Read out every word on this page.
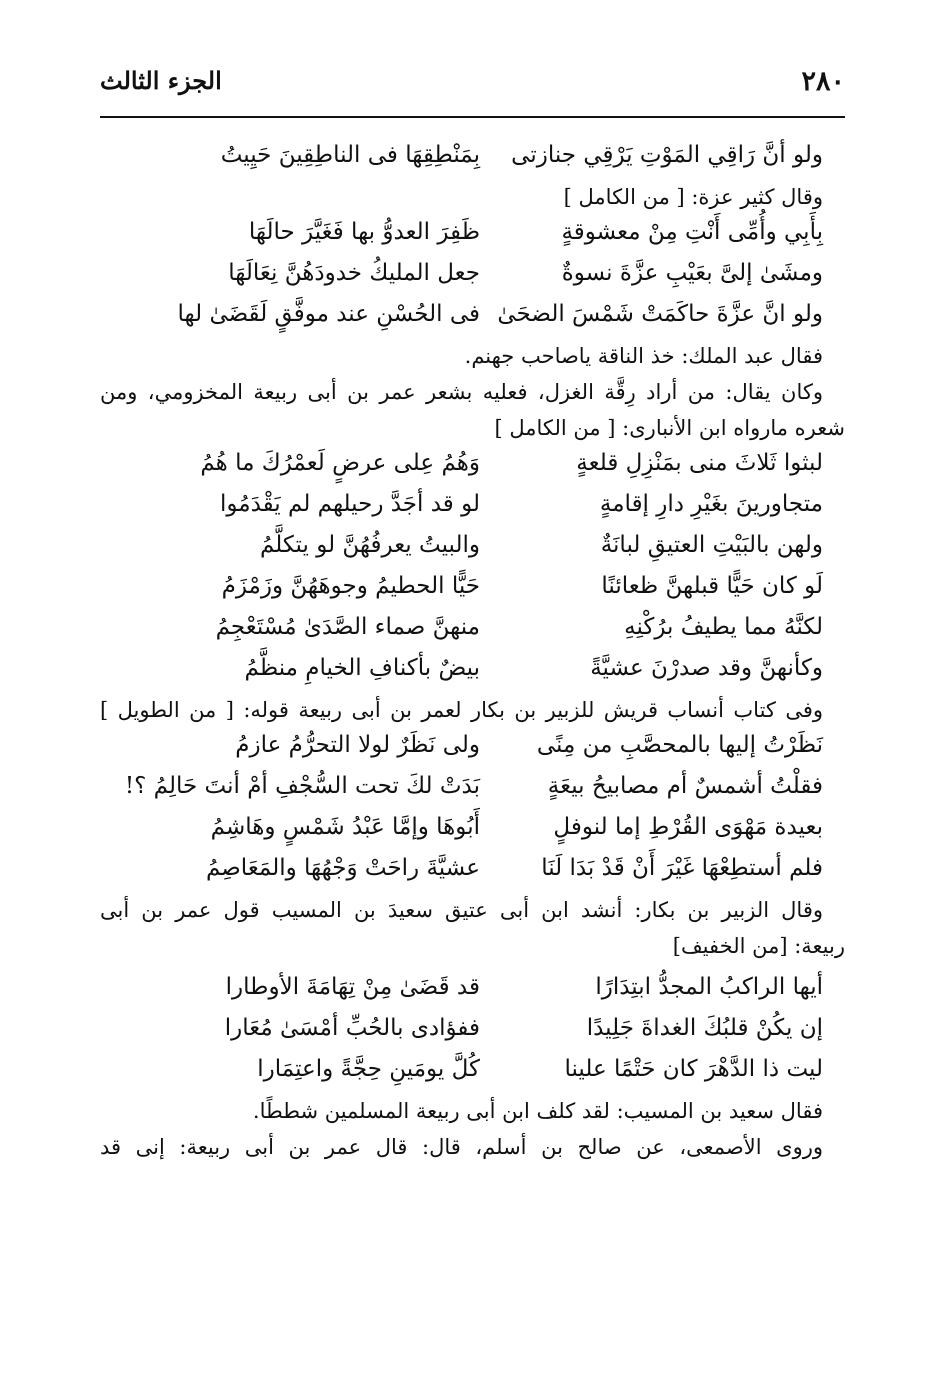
٢٨٠
الجزء الثالث
ولو أنَّ رَاقِي المَوْتِ يَرْقِي جنازتى
بِمَنْطِقِهَا فى الناطِقِينَ حَيِيتُ
وقال كثير عزة: [ من الكامل ]
بِأَبِي وأُمِّى أَنْتِ مِنْ معشوقةٍ
ظَفِرَ العدوُّ بها فَغَيَّرَ حالَهَا
ومشَىٰ إلىَّ بعَيْبِ عزَّةَ نسوةٌ
جعل المليكُ خدودَهُنَّ نِعَالَهَا
ولو انَّ عزَّةَ حاكَمَتْ شَمْسَ الضحَىٰ
فى الحُسْنِ عند موفَّقٍ لَقَضَىٰ لها
فقال عبد الملك: خذ الناقة ياصاحب جهنم.
وكان يقال: من أراد رِقَّة الغزل، فعليه بشعر عمر بن أبى ربيعة المخزومي، ومن
شعره مارواه ابن الأنبارى: [ من الكامل ]
لبثوا ثَلاثَ منى بمَنْزِلِ قلعةٍ
وَهُمُ عِلى عرضٍ لَعمْرُكَ ما هُمُ
متجاورينَ بغَيْرِ دارِ إقامةٍ
لو قد أجَدَّ رحيلهم لم يَقْدَمُوا
ولهن بالبَيْتِ العتيقِ لبانَةٌ
والبيتُ يعرفُهُنَّ لو يتكلَّمُ
لَو كان حَيًّا قبلهنَّ ظعائنًا
حَيًّا الحطيمُ وجوهَهُنَّ وزَمْزَمُ
لكنَّهُ مما يطيفُ برُكْنِهِ
منهنَّ صماء الصَّدَىٰ مُسْتَعْجِمُ
وكأنهنَّ وقد صدرْنَ عشيَّةً
بيضٌ بأكنافِ الخيامِ منظَّمُ
وفى كتاب أنساب قريش للزبير بن بكار لعمر بن أبى ربيعة قوله: [ من الطويل ]
نَظَرْتُ إليها بالمحصَّبِ من مِنًى
ولى نَظَرٌ لولا التحرُّمُ عازمُ
فقلْتُ أشمسٌ أم مصابيحُ بيعَةٍ
بَدَتْ لكَ تحت السُّجْفِ أمْ أنتَ حَالِمُ ؟!
بعيدة مَهْوَى القُرْطِ إما لنوفلٍ
أَبُوهَا وإمَّا عَبْدُ شَمْسٍ وهَاشِمُ
فلم أستطِعْهَا غَيْرَ أَنْ قَدْ بَدَا لَنَا
عشيَّةَ راحَتْ وَجْهُهَا والمَعَاصِمُ
وقال الزبير بن بكار: أنشد ابن أبى عتيق سعيدَ بن المسيب قول عمر بن أبى
ربيعة: [من الخفيف]
أيها الراكبُ المجدُّ ابتِدَارًا
قد قَضَىٰ مِنْ تِهَامَةَ الأوطارا
إن يكُنْ قلبُكَ الغداةَ جَلِيدًا
ففؤادى بالحُبِّ أمْسَىٰ مُعَارا
ليت ذا الدَّهْرَ كان حَتْمًا علينا
كُلَّ يومَينِ حِجَّةً واعتِمَارا
فقال سعيد بن المسيب: لقد كلف ابن أبى ربيعة المسلمين شططًا.
وروى الأصمعى، عن صالح بن أسلم، قال: قال عمر بن أبى ربيعة: إنى قد
